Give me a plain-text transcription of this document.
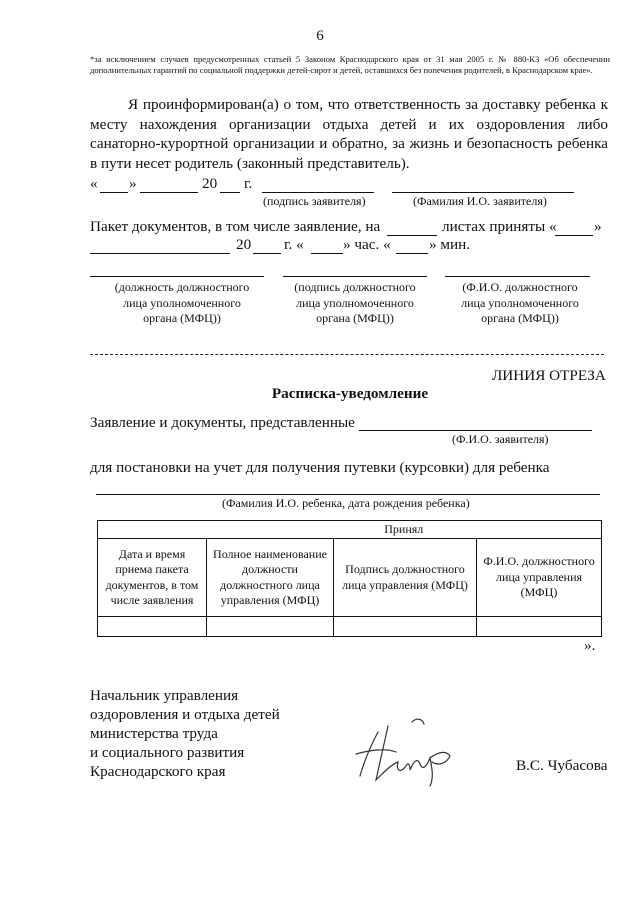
6
*за исключением случаев предусмотренных статьей 5 Законом Краснодарского края от 31 мая 2005 г. № 880-КЗ «Об обеспечении дополнительных гарантий по социальной поддержки детей-сирот и детей, оставшихся без попечения родителей, в Краснодарском крае».
Я проинформирован(а) о том, что ответственность за доставку ребенка к месту нахождения организации отдыха детей и их оздоровления либо санаторно-курортной организации и обратно, за жизнь и безопасность ребенка в пути несет родитель (законный представитель).
« »	20 г.
(подпись заявителя)	(Фамилия И.О. заявителя)
Пакет документов, в том числе заявление, на	листах приняты « »
20 г. «	» час. «	» мин.
(должность должностного лица уполномоченного органа (МФЦ))
(подпись должностного лица уполномоченного органа (МФЦ))
(Ф.И.О. должностного лица уполномоченного органа (МФЦ))
ЛИНИЯ ОТРЕЗА
Расписка-уведомление
Заявление и документы, представленные
(Ф.И.О. заявителя)
для постановки на учет для получения путевки (курсовки) для ребенка
(Фамилия И.О. ребенка, дата рождения ребенка)
	Принял		
Дата и время приема пакета документов, в том числе заявления	Полное наименование должности должностного лица управления (МФЦ)	Подпись должностного лица управления (МФЦ)	Ф.И.О. должностного лица управления (МФЦ)

».
Начальник управления
оздоровления и отдыха детей
министерства труда
и социального развития
Краснодарского края	В.С. Чубасова
